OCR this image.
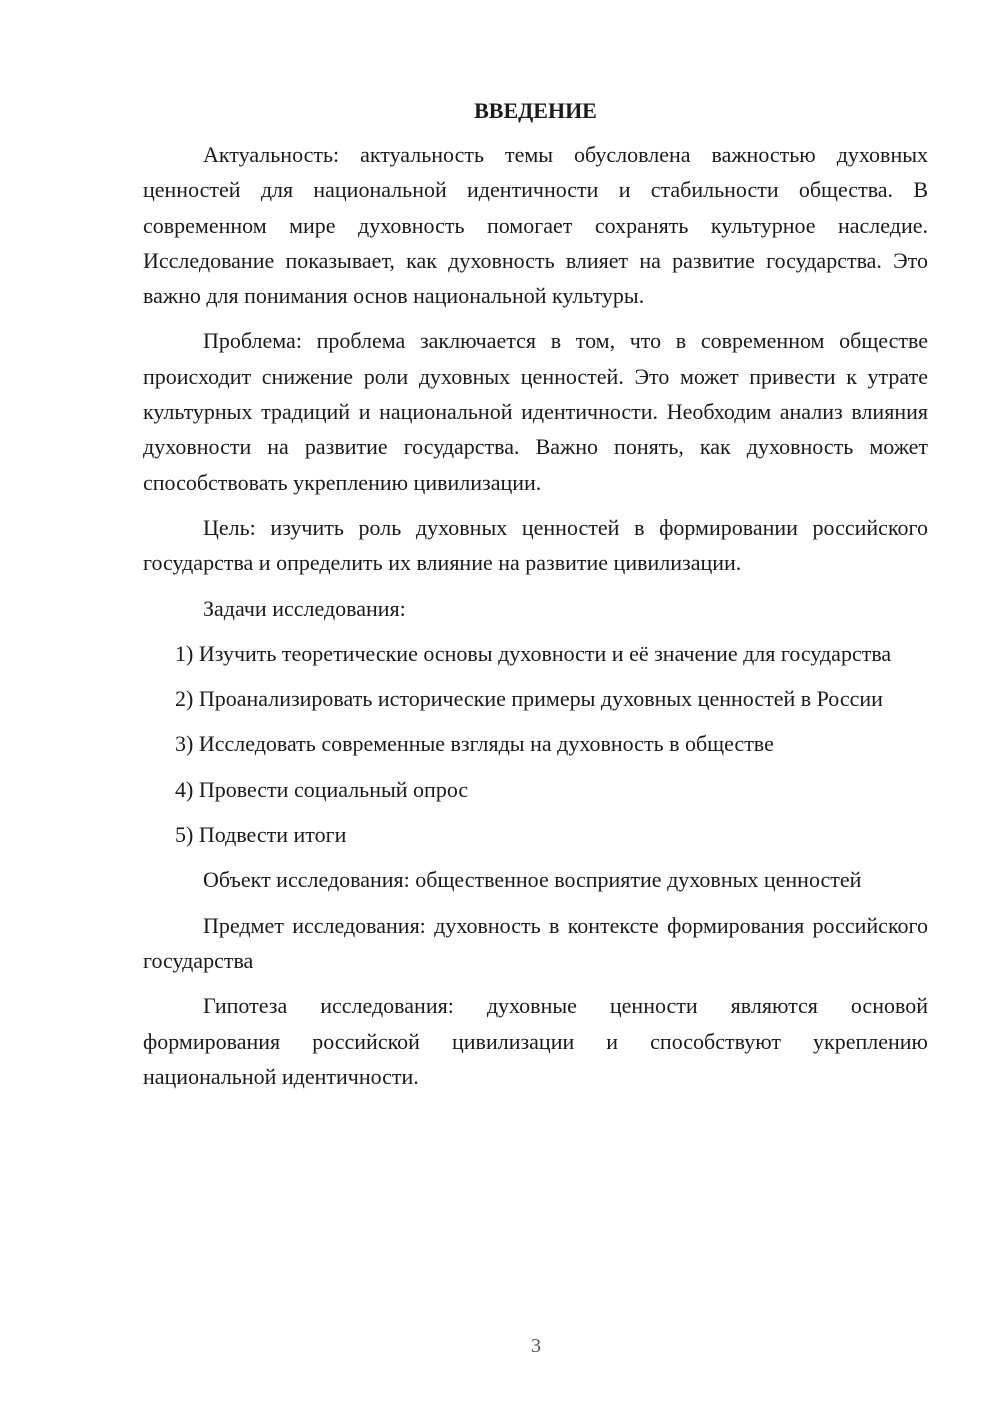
ВВЕДЕНИЕ

Актуальность: актуальность темы обусловлена важностью духовных ценностей для национальной идентичности и стабильности общества. В современном мире духовность помогает сохранять культурное наследие. Исследование показывает, как духовность влияет на развитие государства. Это важно для понимания основ национальной культуры.

Проблема: проблема заключается в том, что в современном обществе происходит снижение роли духовных ценностей. Это может привести к утрате культурных традиций и национальной идентичности. Необходим анализ влияния духовности на развитие государства. Важно понять, как духовность может способствовать укреплению цивилизации.

Цель: изучить роль духовных ценностей в формировании российского государства и определить их влияние на развитие цивилизации.

Задачи исследования:

1) Изучить теоретические основы духовности и её значение для государства

2) Проанализировать исторические примеры духовных ценностей в России

3) Исследовать современные взгляды на духовность в обществе

4) Провести социальный опрос

5) Подвести итоги

Объект исследования: общественное восприятие духовных ценностей

Предмет исследования: духовность в контексте формирования российского государства

Гипотеза исследования: духовные ценности являются основой формирования российской цивилизации и способствуют укреплению национальной идентичности.

3
